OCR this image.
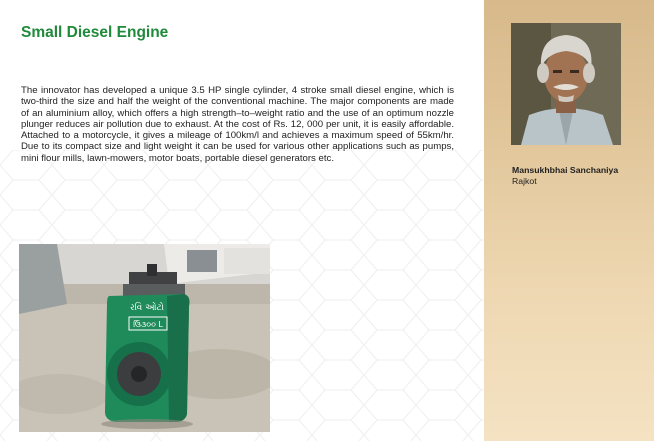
Small Diesel Engine
The innovator has developed a unique 3.5 HP single cylinder, 4 stroke small diesel engine, which is two-third the size and half the weight of the conventional machine. The major components are made of an aluminium alloy, which offers a high strength–to–weight ratio and the use of an optimum nozzle plunger reduces air pollution due to exhaust. At the cost of Rs. 12, 000 per unit, it is easily affordable. Attached to a motorcycle, it gives a mileage of 100km/l and achieves a maximum speed of 55km/hr. Due to its compact size and light weight it can be used for various other applications such as pumps, mini flour mills, lawn-mowers, motor boats, portable diesel generators etc.
રવિ ઓટો
ઉિ૩૦૦ L
Mansukhbhai Sanchaniya
Rajkot
